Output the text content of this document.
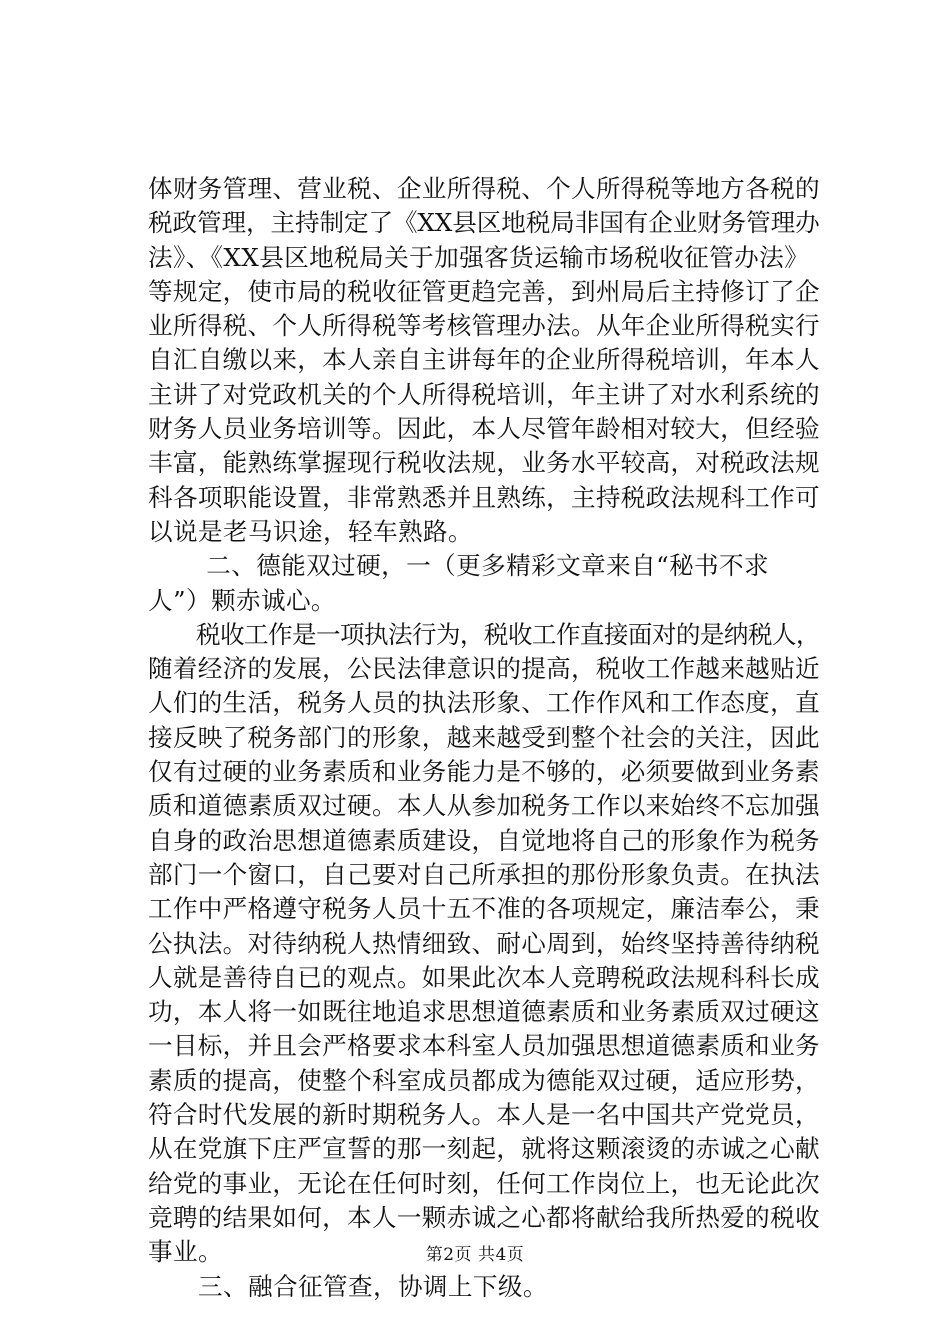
体财务管理、营业税、企业所得税、个人所得税等地方各税的
税政管理，主持制定了《XX县区地税局非国有企业财务管理办
法》、《XX县区地税局关于加强客货运输市场税收征管办法》
等规定，使市局的税收征管更趋完善，到州局后主持修订了企
业所得税、个人所得税等考核管理办法。从年企业所得税实行
自汇自缴以来，本人亲自主讲每年的企业所得税培训，年本人
主讲了对党政机关的个人所得税培训，年主讲了对水利系统的
财务人员业务培训等。因此，本人尽管年龄相对较大，但经验
丰富，能熟练掌握现行税收法规，业务水平较高，对税政法规
科各项职能设置，非常熟悉并且熟练，主持税政法规科工作可
以说是老马识途，轻车熟路。
　　 二、德能双过硬，一（更多精彩文章来自“秘书不求
人”）颗赤诚心。
　　税收工作是一项执法行为，税收工作直接面对的是纳税人，
随着经济的发展，公民法律意识的提高，税收工作越来越贴近
人们的生活，税务人员的执法形象、工作作风和工作态度，直
接反映了税务部门的形象，越来越受到整个社会的关注，因此
仅有过硬的业务素质和业务能力是不够的，必须要做到业务素
质和道德素质双过硬。本人从参加税务工作以来始终不忘加强
自身的政治思想道德素质建设，自觉地将自己的形象作为税务
部门一个窗口，自己要对自己所承担的那份形象负责。在执法
工作中严格遵守税务人员十五不准的各项规定，廉洁奉公，秉
公执法。对待纳税人热情细致、耐心周到，始终坚持善待纳税
人就是善待自已的观点。如果此次本人竞聘税政法规科科长成
功，本人将一如既往地追求思想道德素质和业务素质双过硬这
一目标，并且会严格要求本科室人员加强思想道德素质和业务
素质的提高，使整个科室成员都成为德能双过硬，适应形势，
符合时代发展的新时期税务人。本人是一名中国共产党党员，
从在党旗下庄严宣誓的那一刻起，就将这颗滚烫的赤诚之心献
给党的事业，无论在任何时刻，任何工作岗位上，也无论此次
竞聘的结果如何，本人一颗赤诚之心都将献给我所热爱的税收
事业。
　　三、融合征管查，协调上下级。
第2页 共4页
